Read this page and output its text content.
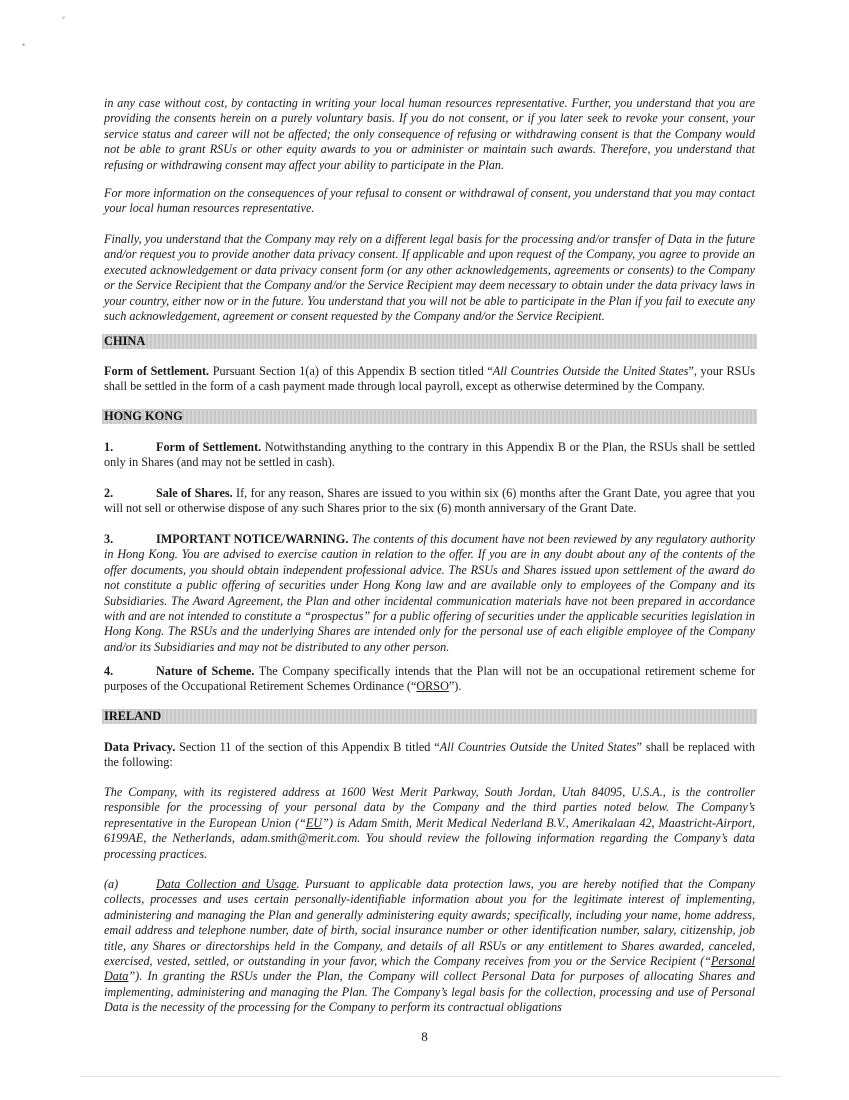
⸗
•

in any case without cost, by contacting in writing your local human resources representative. Further, you understand that you are providing the consents herein on a purely voluntary basis. If you do not consent, or if you later seek to revoke your consent, your service status and career will not be affected; the only consequence of refusing or withdrawing consent is that the Company would not be able to grant RSUs or other equity awards to you or administer or maintain such awards. Therefore, you understand that refusing or withdrawing consent may affect your ability to participate in the Plan.

For more information on the consequences of your refusal to consent or withdrawal of consent, you understand that you may contact your local human resources representative.

Finally, you understand that the Company may rely on a different legal basis for the processing and/or transfer of Data in the future and/or request you to provide another data privacy consent. If applicable and upon request of the Company, you agree to provide an executed acknowledgement or data privacy consent form (or any other acknowledgements, agreements or consents) to the Company or the Service Recipient that the Company and/or the Service Recipient may deem necessary to obtain under the data privacy laws in your country, either now or in the future. You understand that you will not be able to participate in the Plan if you fail to execute any such acknowledgement, agreement or consent requested by the Company and/or the Service Recipient.

CHINA

Form of Settlement. Pursuant Section 1(a) of this Appendix B section titled “All Countries Outside the United States”, your RSUs shall be settled in the form of a cash payment made through local payroll, except as otherwise determined by the Company.

HONG KONG

1.	Form of Settlement. Notwithstanding anything to the contrary in this Appendix B or the Plan, the RSUs shall be settled only in Shares (and may not be settled in cash).

2.	Sale of Shares. If, for any reason, Shares are issued to you within six (6) months after the Grant Date, you agree that you will not sell or otherwise dispose of any such Shares prior to the six (6) month anniversary of the Grant Date.

3.	IMPORTANT NOTICE/WARNING. The contents of this document have not been reviewed by any regulatory authority in Hong Kong. You are advised to exercise caution in relation to the offer. If you are in any doubt about any of the contents of the offer documents, you should obtain independent professional advice. The RSUs and Shares issued upon settlement of the award do not constitute a public offering of securities under Hong Kong law and are available only to employees of the Company and its Subsidiaries. The Award Agreement, the Plan and other incidental communication materials have not been prepared in accordance with and are not intended to constitute a “prospectus” for a public offering of securities under the applicable securities legislation in Hong Kong. The RSUs and the underlying Shares are intended only for the personal use of each eligible employee of the Company and/or its Subsidiaries and may not be distributed to any other person.

4.	Nature of Scheme. The Company specifically intends that the Plan will not be an occupational retirement scheme for purposes of the Occupational Retirement Schemes Ordinance (“ORSO”).

IRELAND

Data Privacy. Section 11 of the section of this Appendix B titled “All Countries Outside the United States” shall be replaced with the following:

The Company, with its registered address at 1600 West Merit Parkway, South Jordan, Utah 84095, U.S.A., is the controller responsible for the processing of your personal data by the Company and the third parties noted below. The Company’s representative in the European Union (“EU”) is Adam Smith, Merit Medical Nederland B.V., Amerikalaan 42, Maastricht-Airport, 6199AE, the Netherlands, adam.smith@merit.com. You should review the following information regarding the Company’s data processing practices.

(a)	Data Collection and Usage. Pursuant to applicable data protection laws, you are hereby notified that the Company collects, processes and uses certain personally-identifiable information about you for the legitimate interest of implementing, administering and managing the Plan and generally administering equity awards; specifically, including your name, home address, email address and telephone number, date of birth, social insurance number or other identification number, salary, citizenship, job title, any Shares or directorships held in the Company, and details of all RSUs or any entitlement to Shares awarded, canceled, exercised, vested, settled, or outstanding in your favor, which the Company receives from you or the Service Recipient (“Personal Data”). In granting the RSUs under the Plan, the Company will collect Personal Data for purposes of allocating Shares and implementing, administering and managing the Plan. The Company’s legal basis for the collection, processing and use of Personal Data is the necessity of the processing for the Company to perform its contractual obligations

8
